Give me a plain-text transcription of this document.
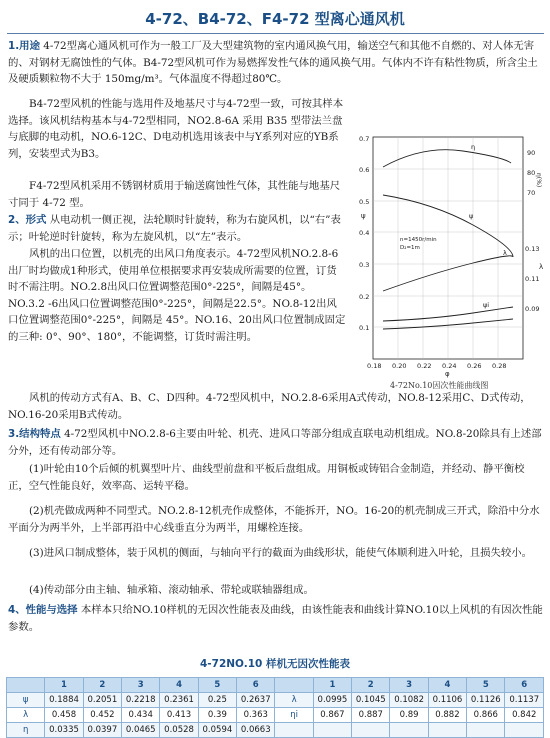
4-72、B4-72、F4-72 型离心通风机

1.用途 4-72型离心通风机可作为一般工厂及大型建筑物的室内通风换气用，输送空气和其他不自燃的、对人体无害的、对钢材无腐蚀性的气体。B4-72型风机可作为易燃挥发性气体的通风换气用。气体内不许有粘性物质，所含尘土及硬质颗粒物不大于 150mg/m³。气体温度不得超过80℃。

B4-72型风机的性能与选用件及地基尺寸与4-72型一致，可按其样本选择。该风机结构基本与4-72型相同，NO2.8-6A 采用 B35 型带法兰盘与底脚的电动机，NO.6-12C、D电动机选用该表中与Y系列对应的YB系列，安装型式为B3。

F4-72型风机采用不锈钢材质用于输送腐蚀性气体，其性能与地基尺寸同于 4-72 型。

2、形式 从电动机一侧正视，法轮顺时针旋转，称为右旋风机，以“右”表示；叶轮逆时针旋转，称为左旋风机，以“左”表示。

风机的出口位置，以机壳的出风口角度表示。4-72型风机NO.2.8-6出厂时均做成1种形式，使用单位根据要求再安装成所需要的位置，订货时不需注明。NO.2.8出风口位置调整范围0°-225°，间隔是45°。NO.3.2 -6出风口位置调整范围0°-225°，间隔是22.5°。NO.8-12出风口位置调整范围0°-225°，间隔是 45°。NO.16、20出风口位置制成固定的三种: 0°、90°、180°，不能调整，订货时需注明。

风机的传动方式有A、B、C、D四种。4-72型风机中，NO.2.8-6采用A式传动，NO.8-12采用C、D式传动，NO.16-20采用B式传动。

3.结构特点 4-72型风机中NO.2.8-6主要由叶轮、机壳、进风口等部分组成直联电动机组成。NO.8-20除具有上述部分外，还有传动部分等。

(1)叶轮由10个后倾的机翼型叶片、曲线型前盘和平板后盘组成。用铜板或铸铝合金制造，并经动、静平衡校正，空气性能良好，效率高、运转平稳。

(2)机壳做成两种不同型式。NO.2.8-12机壳作成整体，不能拆开，NO。16-20的机壳制成三开式，除沿中分水平面分为两半外，上半部再沿中心线垂直分为两半，用螺栓连接。

(3)进风口制成整体，装于风机的侧面，与轴向平行的截面为曲线形状，能使气体顺利进入叶轮，且损失较小。

(4)传动部分由主轴、轴承箱、滚动轴承、带轮或联轴器组成。

4、性能与选择 本样本只给NO.10样机的无因次性能表及曲线，由该性能表和曲线计算NO.10以上风机的有因次性能参数。

0.7
0.6
0.5
0.4
0.3
0.2
0.1
ψ
90
80
70
η(%)
0.13
0.11
0.09
λ
0.18 0.20 0.22 0.24 0.26 0.28
φ
η
ψ
ψi
λ
n=1450r/min
D₂=1m
4-72No.10因次性能曲线图
4-72NO.10 样机无因次性能表
	1	2	3	4	5	6		1	2	3	4	5	6
ψ	0.1884	0.2051	0.2218	0.2361	0.25	0.2637	λ	0.0995	0.1045	0.1082	0.1106	0.1126	0.1137
λ	0.458	0.452	0.434	0.413	0.39	0.363	ηi	0.867	0.887	0.89	0.882	0.866	0.842
η	0.0335	0.0397	0.0465	0.0528	0.0594	0.0663							
